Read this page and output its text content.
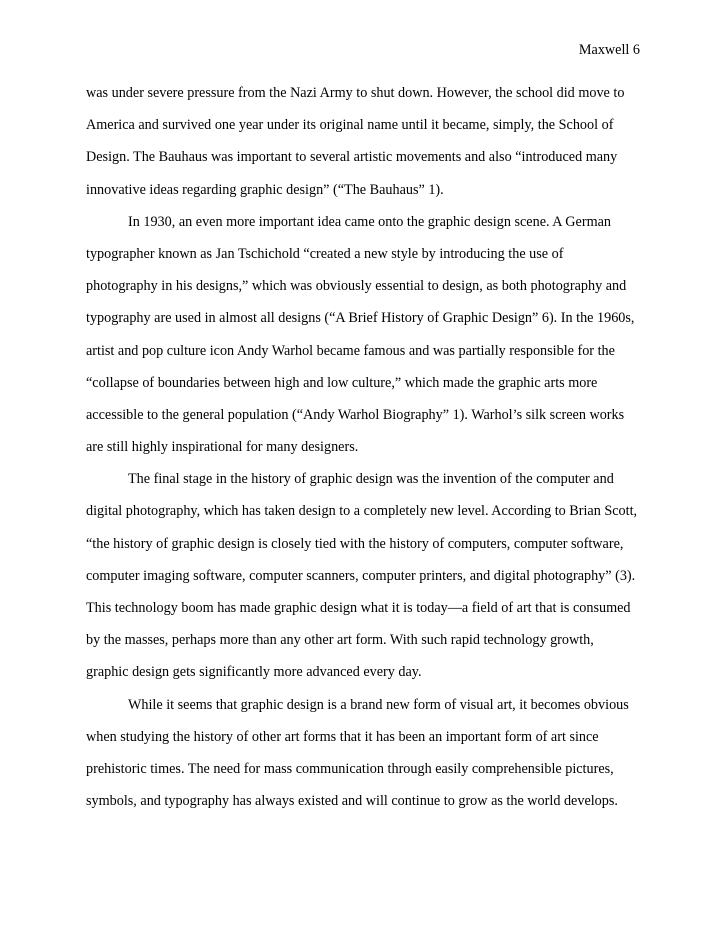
Maxwell 6
was under severe pressure from the Nazi Army to shut down. However, the school did move to
America and survived one year under its original name until it became, simply, the School of
Design. The Bauhaus was important to several artistic movements and also “introduced many
innovative ideas regarding graphic design” (“The Bauhaus” 1).
In 1930, an even more important idea came onto the graphic design scene. A German
typographer known as Jan Tschichold “created a new style by introducing the use of
photography in his designs,” which was obviously essential to design, as both photography and
typography are used in almost all designs (“A Brief History of Graphic Design” 6). In the 1960s,
artist and pop culture icon Andy Warhol became famous and was partially responsible for the
“collapse of boundaries between high and low culture,” which made the graphic arts more
accessible to the general population (“Andy Warhol Biography” 1). Warhol’s silk screen works
are still highly inspirational for many designers.
The final stage in the history of graphic design was the invention of the computer and
digital photography, which has taken design to a completely new level. According to Brian Scott,
“the history of graphic design is closely tied with the history of computers, computer software,
computer imaging software, computer scanners, computer printers, and digital photography” (3).
This technology boom has made graphic design what it is today—a field of art that is consumed
by the masses, perhaps more than any other art form. With such rapid technology growth,
graphic design gets significantly more advanced every day.
While it seems that graphic design is a brand new form of visual art, it becomes obvious
when studying the history of other art forms that it has been an important form of art since
prehistoric times. The need for mass communication through easily comprehensible pictures,
symbols, and typography has always existed and will continue to grow as the world develops.
